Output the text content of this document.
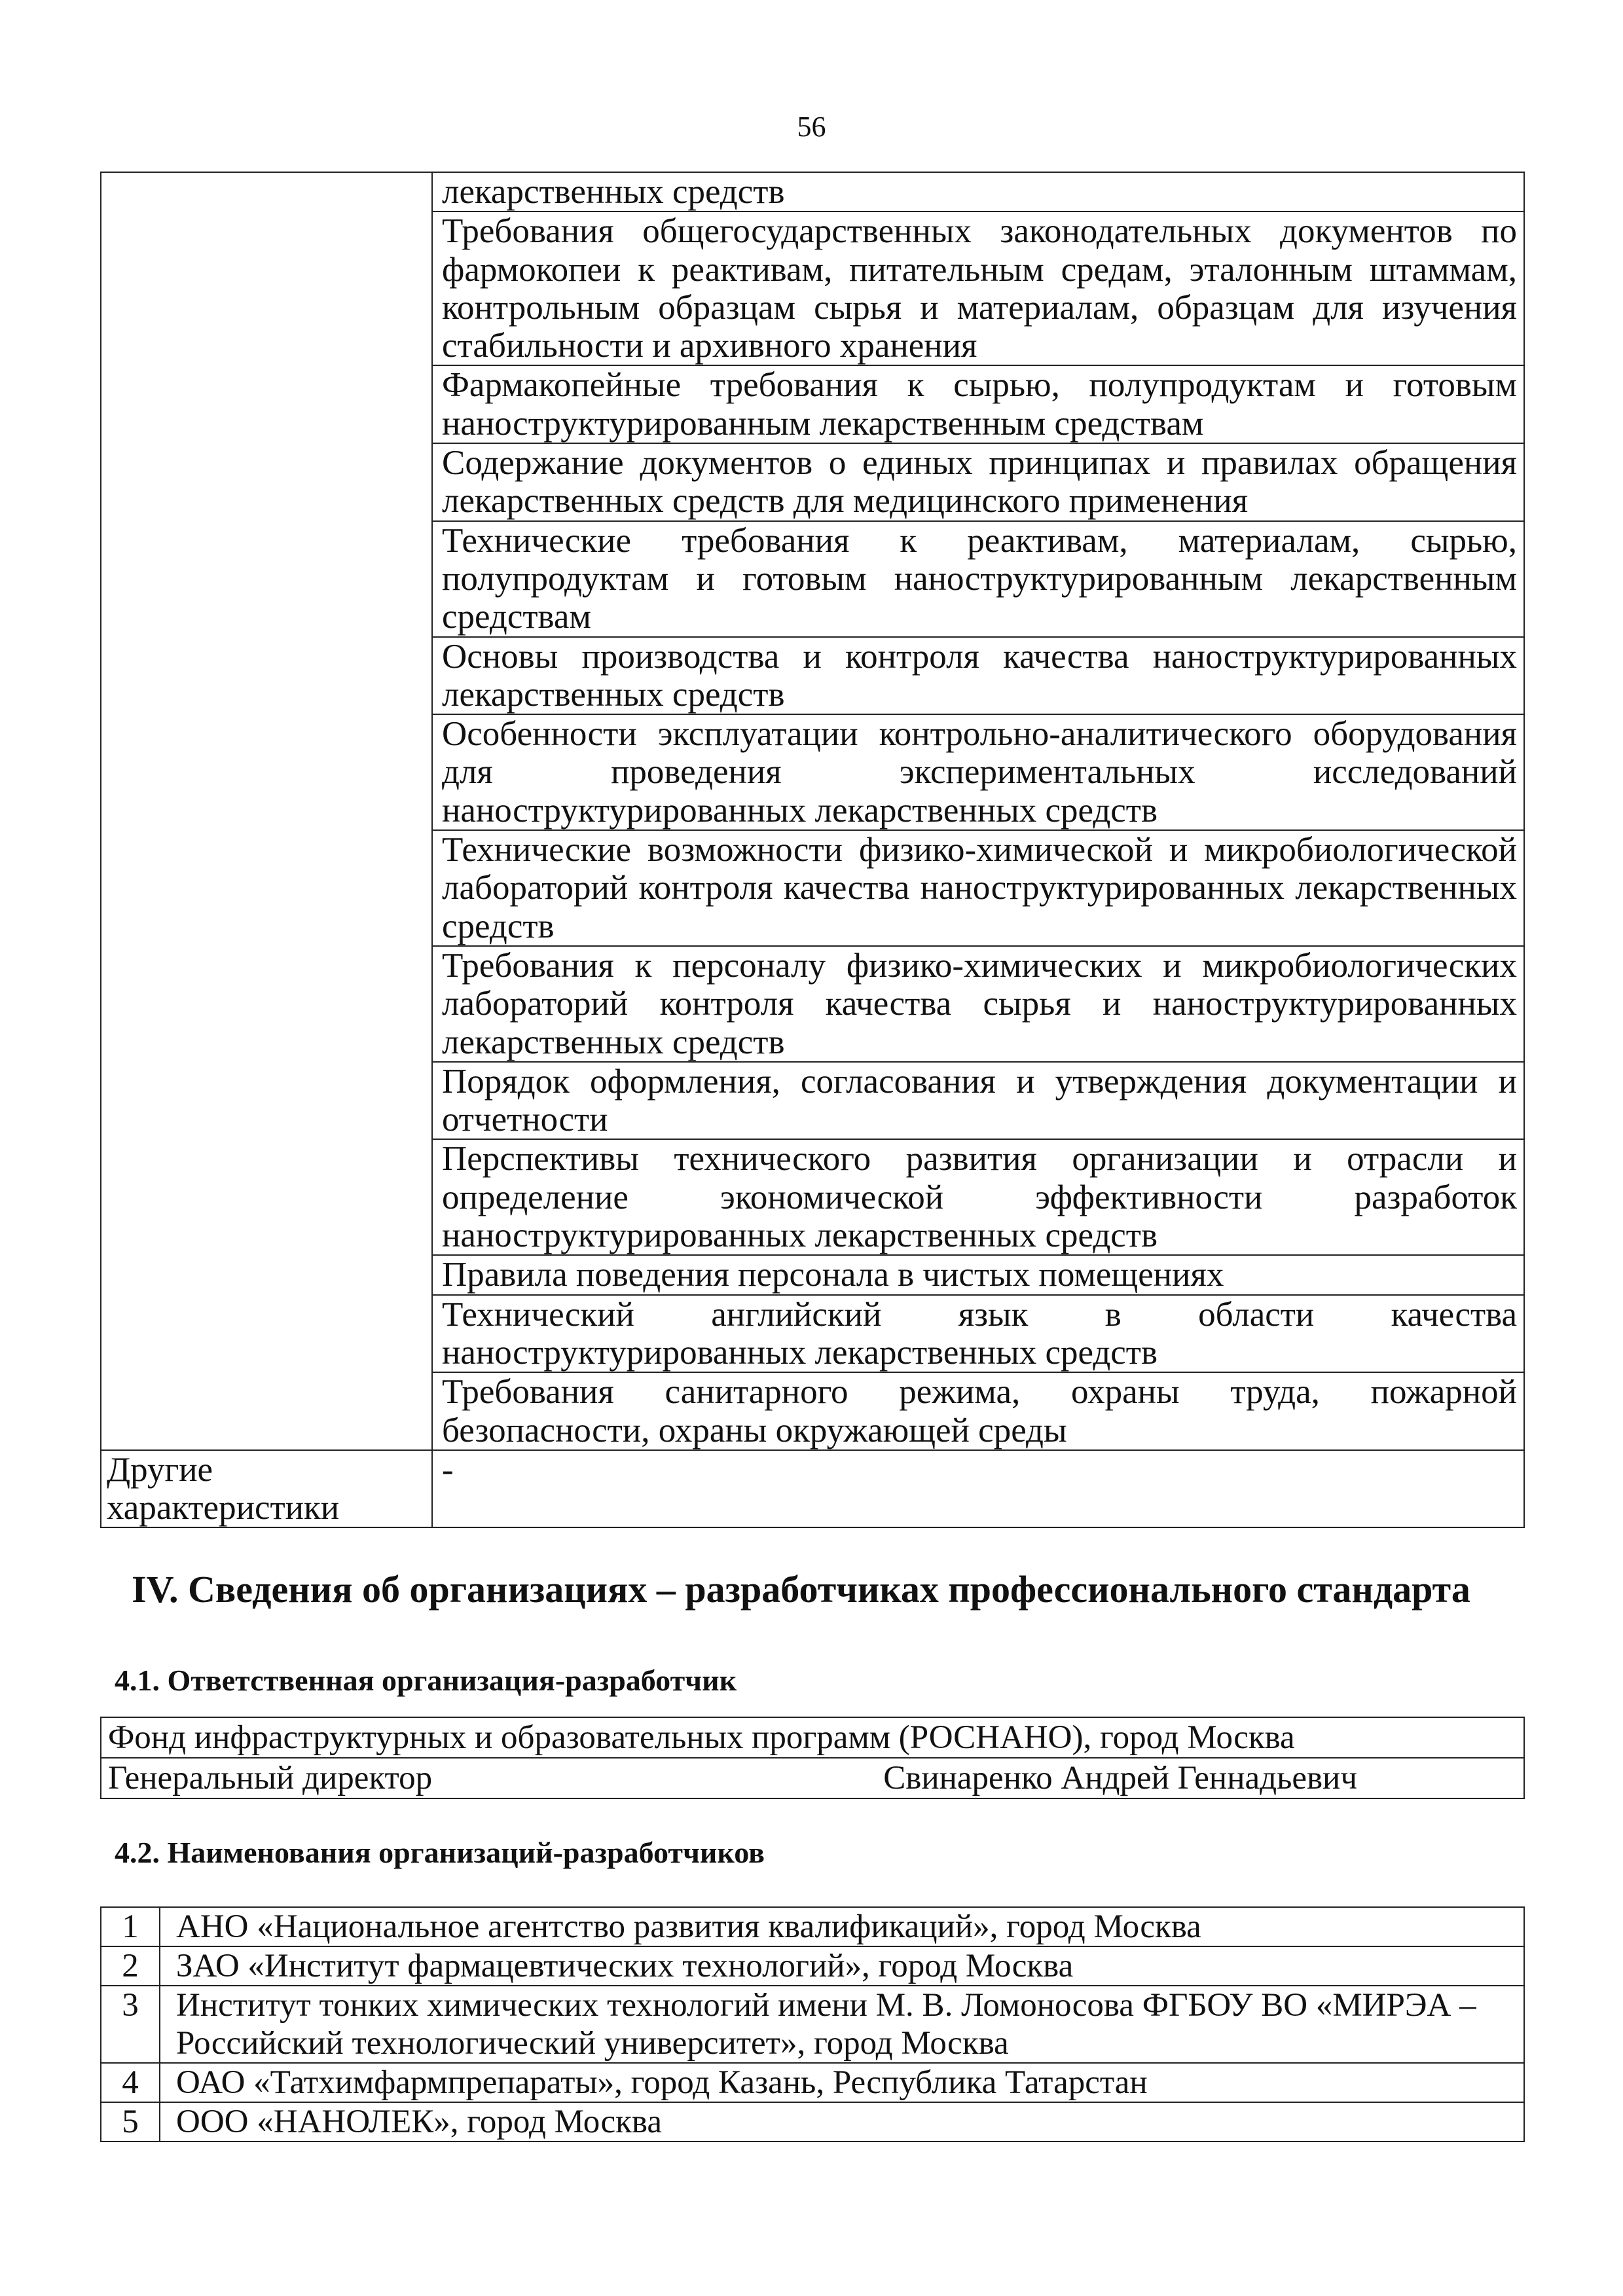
56
	лекарственных средств
	Требования общегосударственных законодательных документов по фармокопеи к реактивам, питательным средам, эталонным штаммам, контрольным образцам сырья и материалам, образцам для изучения стабильности и архивного хранения
	Фармакопейные требования к сырью, полупродуктам и готовым наноструктурированным лекарственным средствам
	Содержание документов о единых принципах и правилах обращения лекарственных средств для медицинского применения
	Технические требования к реактивам, материалам, сырью, полупродуктам и готовым наноструктурированным лекарственным средствам
	Основы производства и контроля качества наноструктурированных лекарственных средств
	Особенности эксплуатации контрольно-аналитического оборудования для проведения экспериментальных исследований наноструктурированных лекарственных средств
	Технические возможности физико-химической и микробиологической лабораторий контроля качества наноструктурированных лекарственных средств
	Требования к персоналу физико-химических и микробиологических лабораторий контроля качества сырья и наноструктурированных лекарственных средств
	Порядок оформления, согласования и утверждения документации и отчетности
	Перспективы технического развития организации и отрасли и определение экономической эффективности разработок наноструктурированных лекарственных средств
	Правила поведения персонала в чистых помещениях
	Технический английский язык в области качества наноструктурированных лекарственных средств
	Требования санитарного режима, охраны труда, пожарной безопасности, охраны окружающей среды
Другие характеристики	-
IV. Сведения об организациях – разработчиках профессионального стандарта
4.1. Ответственная организация-разработчик
Фонд инфраструктурных и образовательных программ (РОСНАНО), город Москва

Генеральный директор	Свинаренко Андрей Геннадьевич
4.2. Наименования организаций-разработчиков
1	АНО «Национальное агентство развития квалификаций», город Москва
2	ЗАО «Институт фармацевтических технологий», город Москва
3	Институт тонких химических технологий имени М. В. Ломоносова ФГБОУ ВО «МИРЭА – Российский технологический университет», город Москва
4	ОАО «Татхимфармпрепараты», город Казань, Республика Татарстан
5	ООО «НАНОЛЕК», город Москва
